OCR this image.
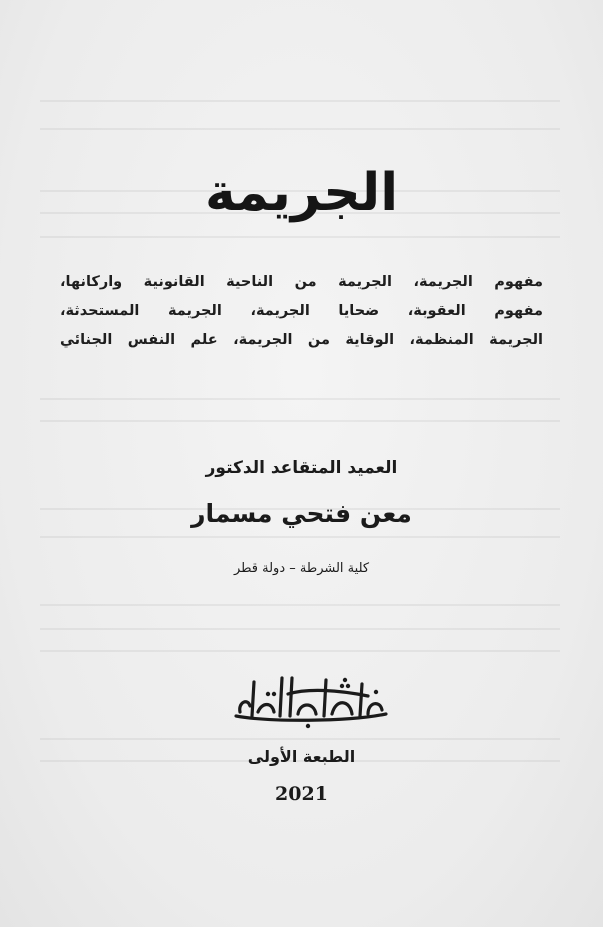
الجريمة
مفهوم الجريمة، الجريمة من الناحية القانونية واركانها،
مفهوم العقوبة، ضحايا الجريمة، الجريمة المستحدثة،
الجريمة المنظمة، الوقاية من الجريمة، علم النفس الجنائي
العميد المتقاعد الدكتور
معن فتحي مسمار
كلية الشرطة – دولة قطر
الطبعة الأولى
2021
